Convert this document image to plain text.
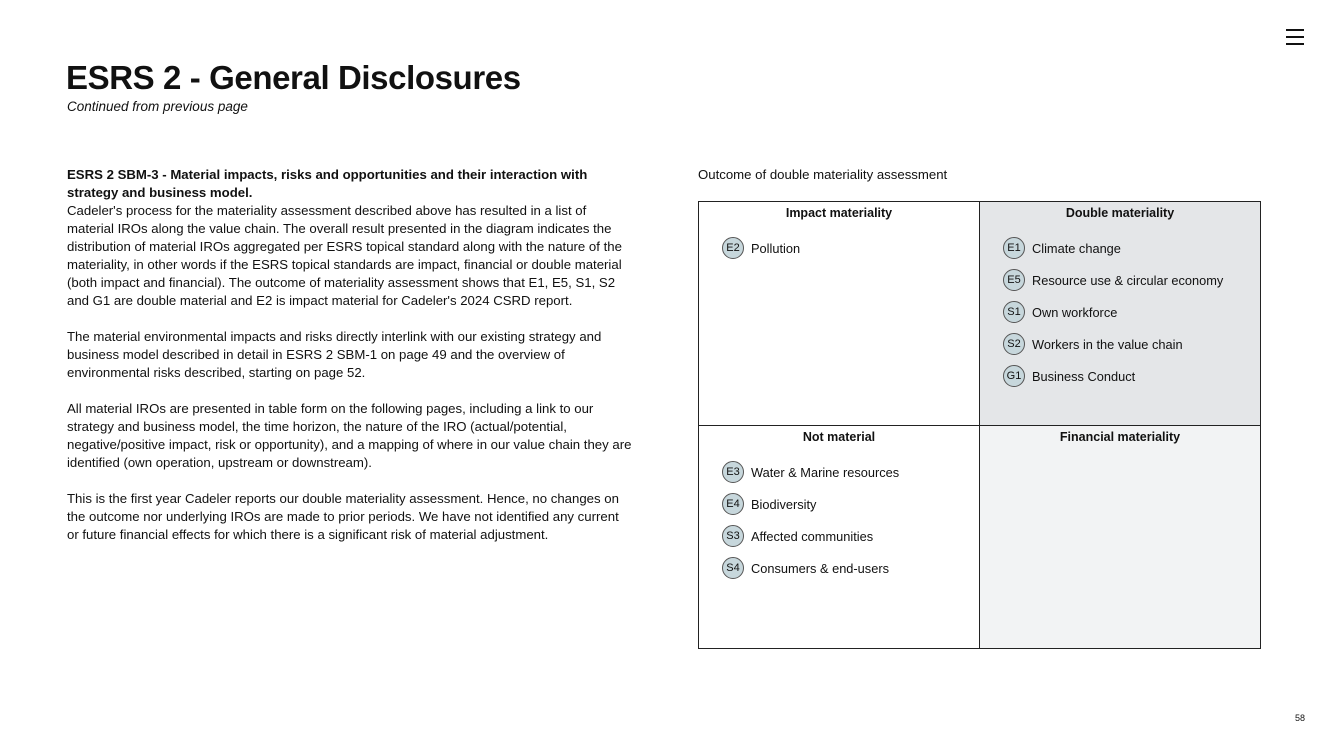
ESRS 2 - General Disclosures
Continued from previous page
ESRS 2 SBM-3 - Material impacts, risks and opportunities and their interaction with strategy and business model.

Cadeler's process for the materiality assessment described above has resulted in a list of material IROs along the value chain. The overall result presented in the diagram indicates the distribution of material IROs aggregated per ESRS topical standard along with the nature of the materiality, in other words if the ESRS topical standards are impact, financial or double material (both impact and financial). The outcome of materiality assessment shows that E1, E5, S1, S2 and G1 are double material and E2 is impact material for Cadeler's 2024 CSRD report.

The material environmental impacts and risks directly interlink with our existing strategy and business model described in detail in ESRS 2 SBM-1 on page 49 and the overview of environmental risks described, starting on page 52.

All material IROs are presented in table form on the following pages, including a link to our strategy and business model, the time horizon, the nature of the IRO (actual/potential, negative/positive impact, risk or opportunity), and a mapping of where in our value chain they are identified (own operation, upstream or downstream).

This is the first year Cadeler reports our double materiality assessment. Hence, no changes on the outcome nor underlying IROs are made to prior periods. We have not identified any current or future financial effects for which there is a significant risk of material adjustment.

Outcome of double materiality assessment
Impact materiality
E2 Pollution
Double materiality
E1 Climate change
E5 Resource use & circular economy
S1 Own workforce
S2 Workers in the value chain
G1 Business Conduct
Not material
E3 Water & Marine resources
E4 Biodiversity
S3 Affected communities
S4 Consumers & end-users
Financial materiality
58
